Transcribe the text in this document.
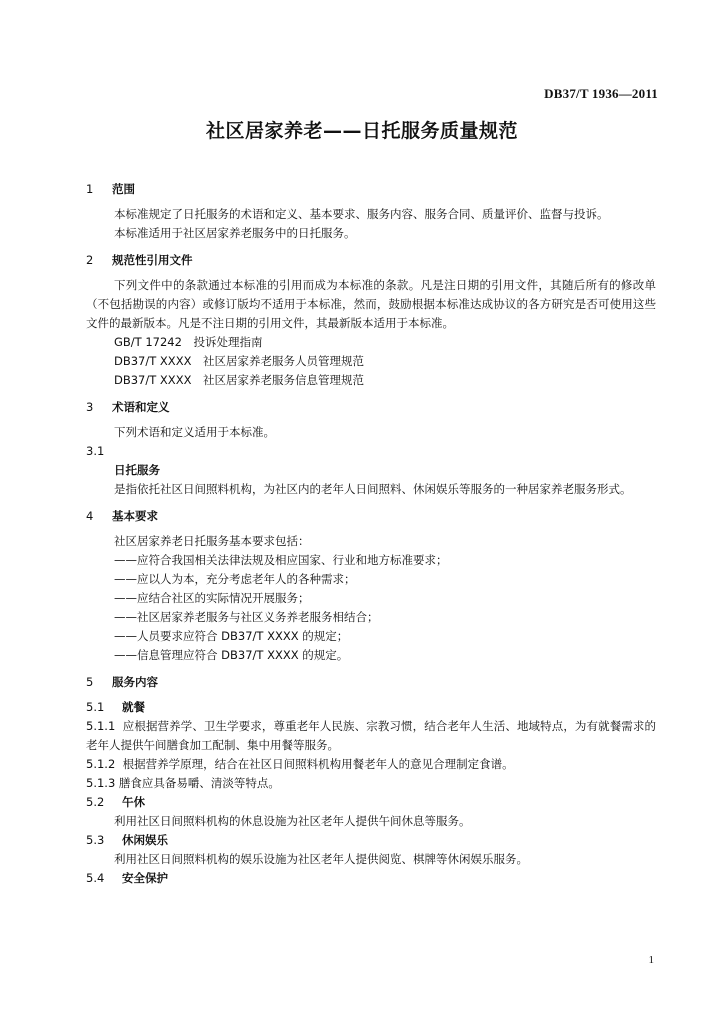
DB37/T 1936—2011
社区居家养老——日托服务质量规范
1 范围
本标准规定了日托服务的术语和定义、基本要求、服务内容、服务合同、质量评价、监督与投诉。
本标准适用于社区居家养老服务中的日托服务。
2 规范性引用文件
下列文件中的条款通过本标准的引用而成为本标准的条款。凡是注日期的引用文件，其随后所有的修改单（不包括勘误的内容）或修订版均不适用于本标准，然而，鼓励根据本标准达成协议的各方研究是否可使用这些文件的最新版本。凡是不注日期的引用文件，其最新版本适用于本标准。
GB/T 17242　投诉处理指南
DB37/T XXXX　社区居家养老服务人员管理规范
DB37/T XXXX　社区居家养老服务信息管理规范
3 术语和定义
下列术语和定义适用于本标准。
3.1
日托服务
是指依托社区日间照料机构，为社区内的老年人日间照料、休闲娱乐等服务的一种居家养老服务形式。
4 基本要求
社区居家养老日托服务基本要求包括：
——应符合我国相关法律法规及相应国家、行业和地方标准要求；
——应以人为本，充分考虑老年人的各种需求；
——应结合社区的实际情况开展服务；
——社区居家养老服务与社区义务养老服务相结合；
——人员要求应符合 DB37/T XXXX 的规定；
——信息管理应符合 DB37/T XXXX 的规定。
5 服务内容
5.1 就餐
5.1.1 应根据营养学、卫生学要求，尊重老年人民族、宗教习惯，结合老年人生活、地域特点，为有就餐需求的老年人提供午间膳食加工配制、集中用餐等服务。
5.1.2 根据营养学原理，结合在社区日间照料机构用餐老年人的意见合理制定食谱。
5.1.3 膳食应具备易嚼、清淡等特点。
5.2 午休
利用社区日间照料机构的休息设施为社区老年人提供午间休息等服务。
5.3 休闲娱乐
利用社区日间照料机构的娱乐设施为社区老年人提供阅览、棋牌等休闲娱乐服务。
5.4 安全保护
1
